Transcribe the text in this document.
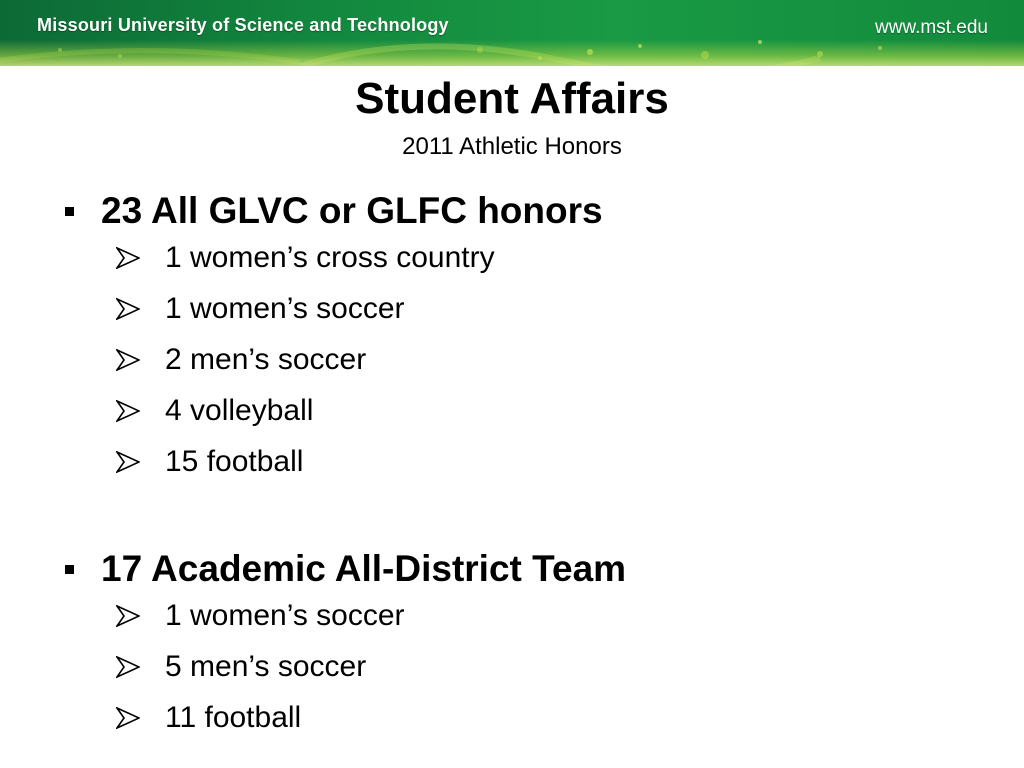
Missouri University of Science and Technology	www.mst.edu
Student Affairs
2011 Athletic Honors
23 All GLVC or GLFC honors
1 women’s cross country
1 women’s soccer
2 men’s soccer
4 volleyball
15 football
17 Academic All-District Team
1 women’s soccer
5 men’s soccer
11 football
